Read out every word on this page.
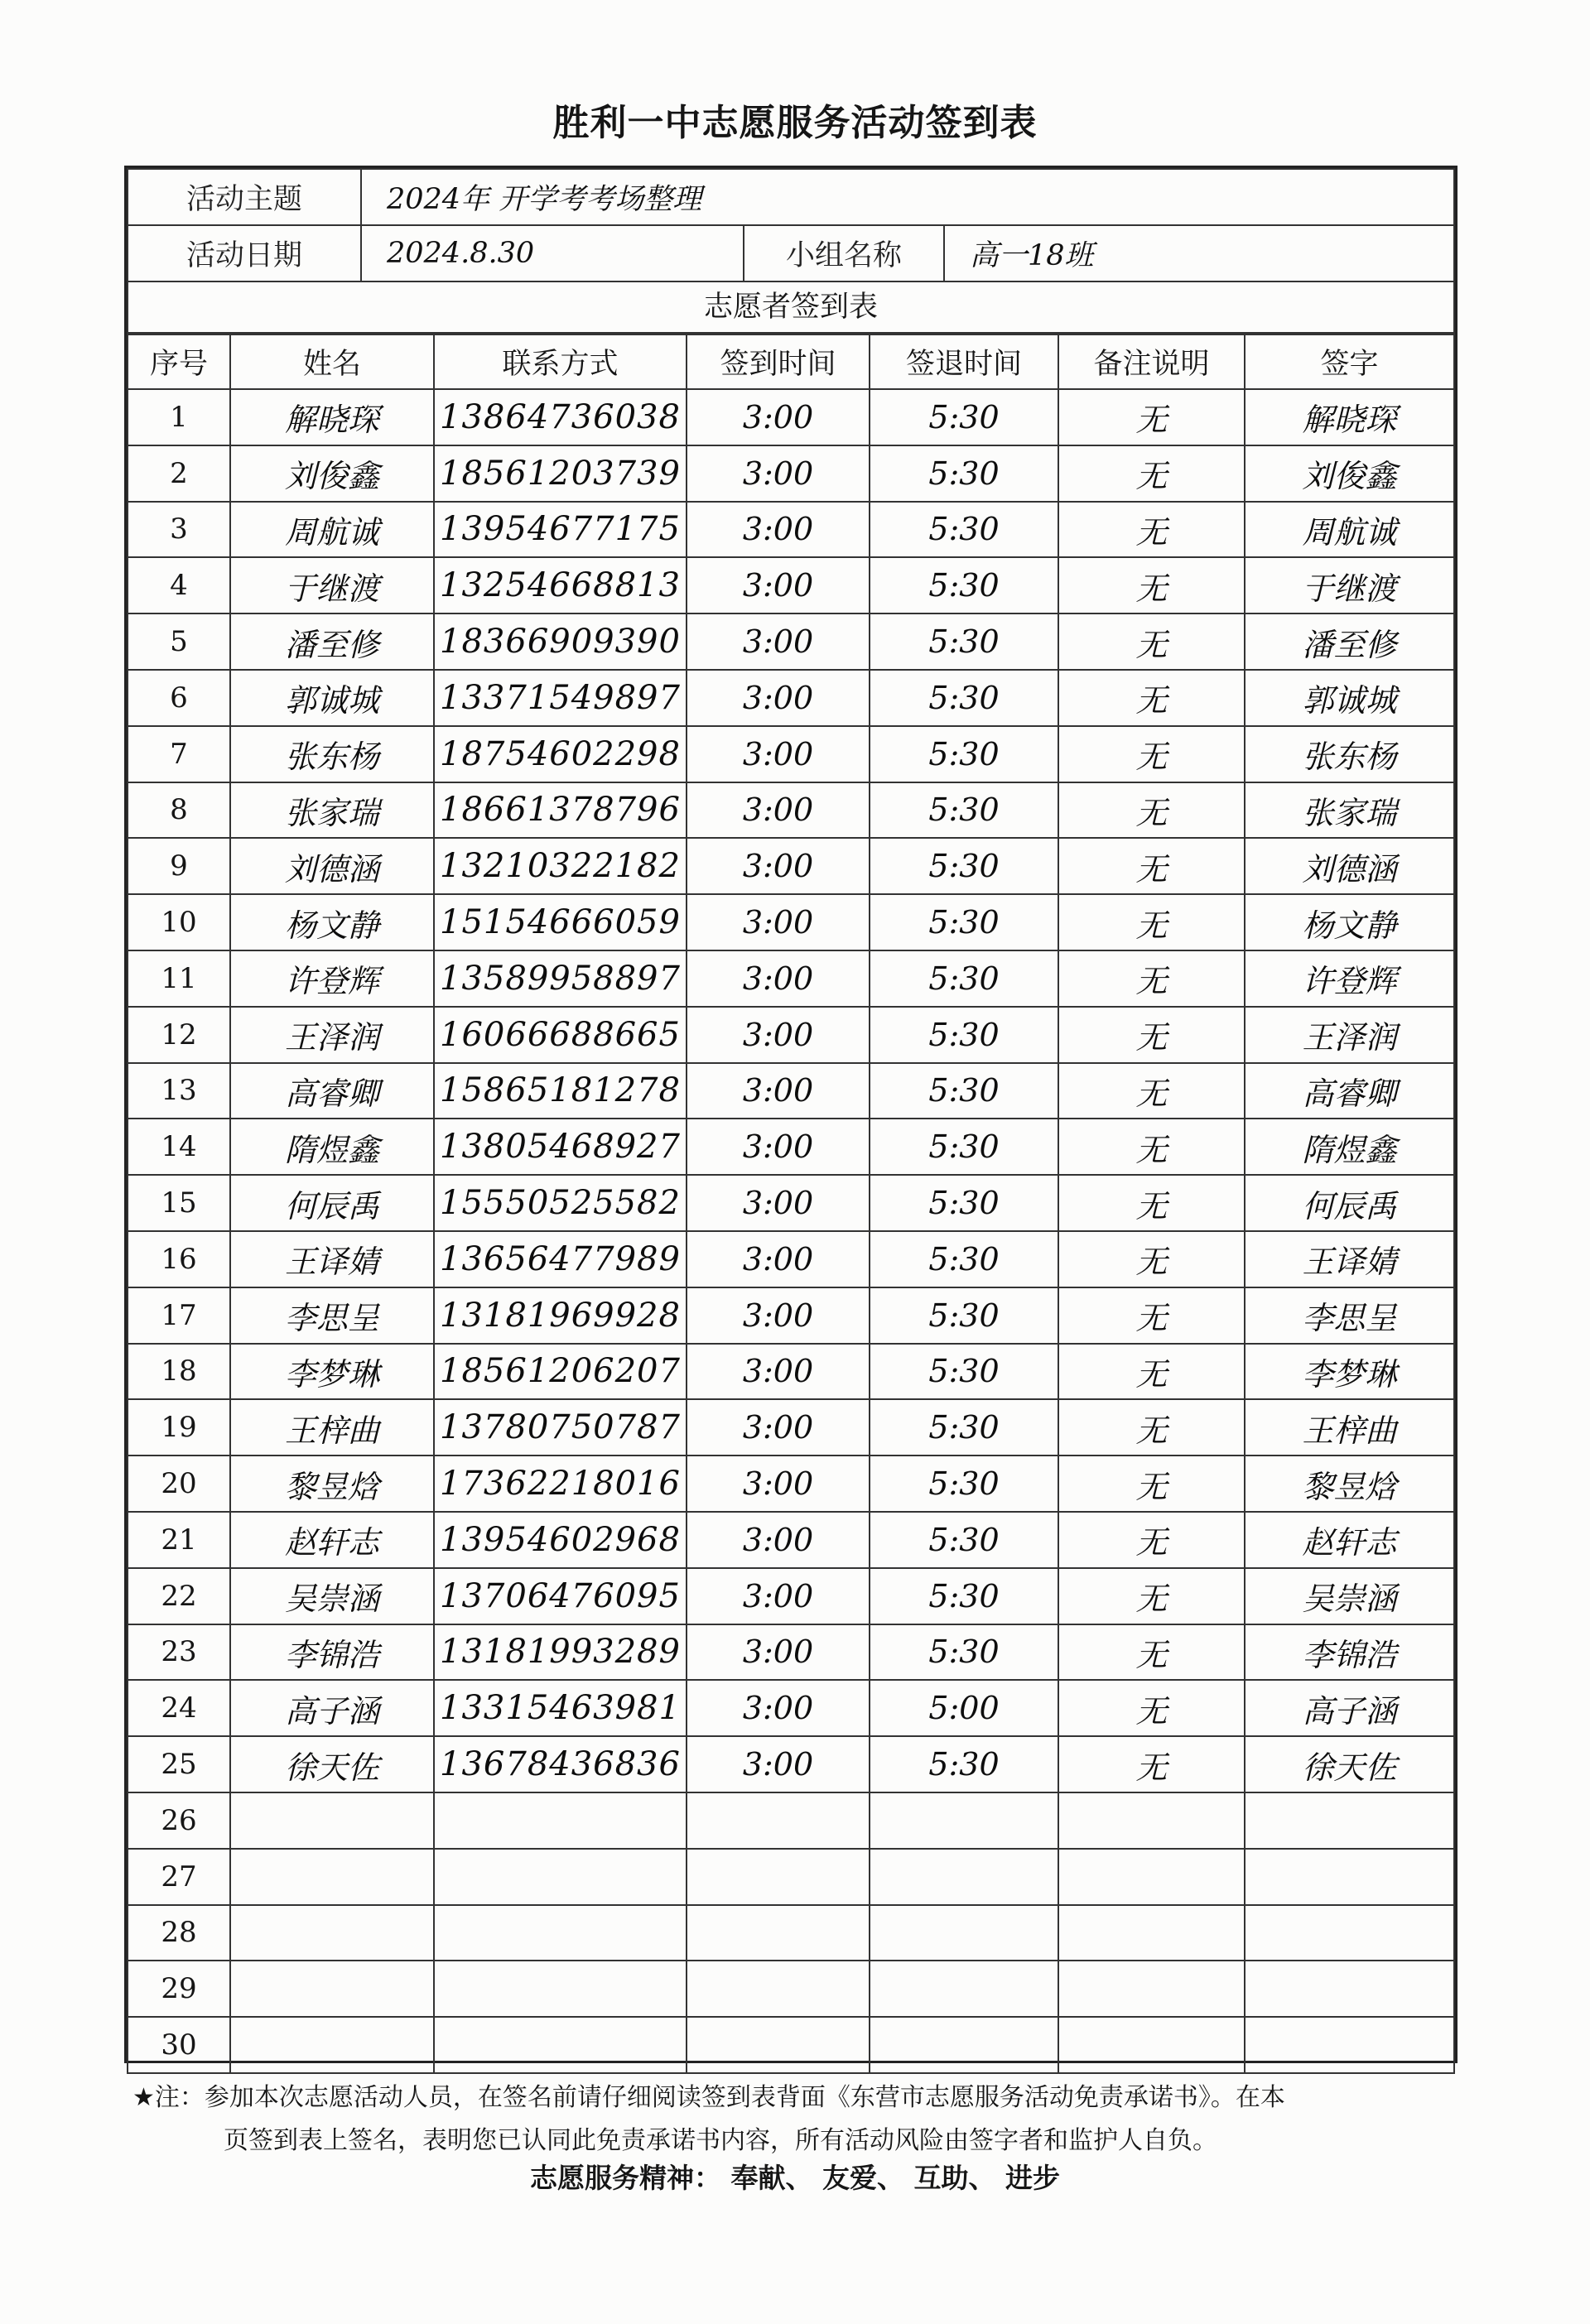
胜利一中志愿服务活动签到表
活动主题	2024年 开学考考场整理		
活动日期	2024.8.30	小组名称	高一18班
志愿者签到表
序号	姓名	联系方式	签到时间	签退时间	备注说明	签字
1	解晓琛	13864736038	3:00	5:30	无	解晓琛
2	刘俊鑫	18561203739	3:00	5:30	无	刘俊鑫
3	周航诚	13954677175	3:00	5:30	无	周航诚
4	于继渡	13254668813	3:00	5:30	无	于继渡
5	潘至修	18366909390	3:00	5:30	无	潘至修
6	郭诚城	13371549897	3:00	5:30	无	郭诚城
7	张东杨	18754602298	3:00	5:30	无	张东杨
8	张家瑞	18661378796	3:00	5:30	无	张家瑞
9	刘德涵	13210322182	3:00	5:30	无	刘德涵
10	杨文静	15154666059	3:00	5:30	无	杨文静
11	许登辉	13589958897	3:00	5:30	无	许登辉
12	王泽润	16066688665	3:00	5:30	无	王泽润
13	高睿卿	15865181278	3:00	5:30	无	高睿卿
14	隋煜鑫	13805468927	3:00	5:30	无	隋煜鑫
15	何辰禹	15550525582	3:00	5:30	无	何辰禹
16	王译婧	13656477989	3:00	5:30	无	王译婧
17	李思呈	13181969928	3:00	5:30	无	李思呈
18	李梦琳	18561206207	3:00	5:30	无	李梦琳
19	王梓曲	13780750787	3:00	5:30	无	王梓曲
20	黎昱焓	17362218016	3:00	5:30	无	黎昱焓
21	赵轩志	13954602968	3:00	5:30	无	赵轩志
22	吴崇涵	13706476095	3:00	5:30	无	吴崇涵
23	李锦浩	13181993289	3:00	5:30	无	李锦浩
24	高子涵	13315463981	3:00	5:00	无	高子涵
25	徐天佐	13678436836	3:00	5:30	无	徐天佐
26						
27						
28						
29						
30						

★注：参加本次志愿活动人员，在签名前请仔细阅读签到表背面《东营市志愿服务活动免责承诺书》。在本

页签到表上签名，表明您已认同此免责承诺书内容，所有活动风险由签字者和监护人自负。

志愿服务精神： 奉献、 友爱、 互助、 进步
